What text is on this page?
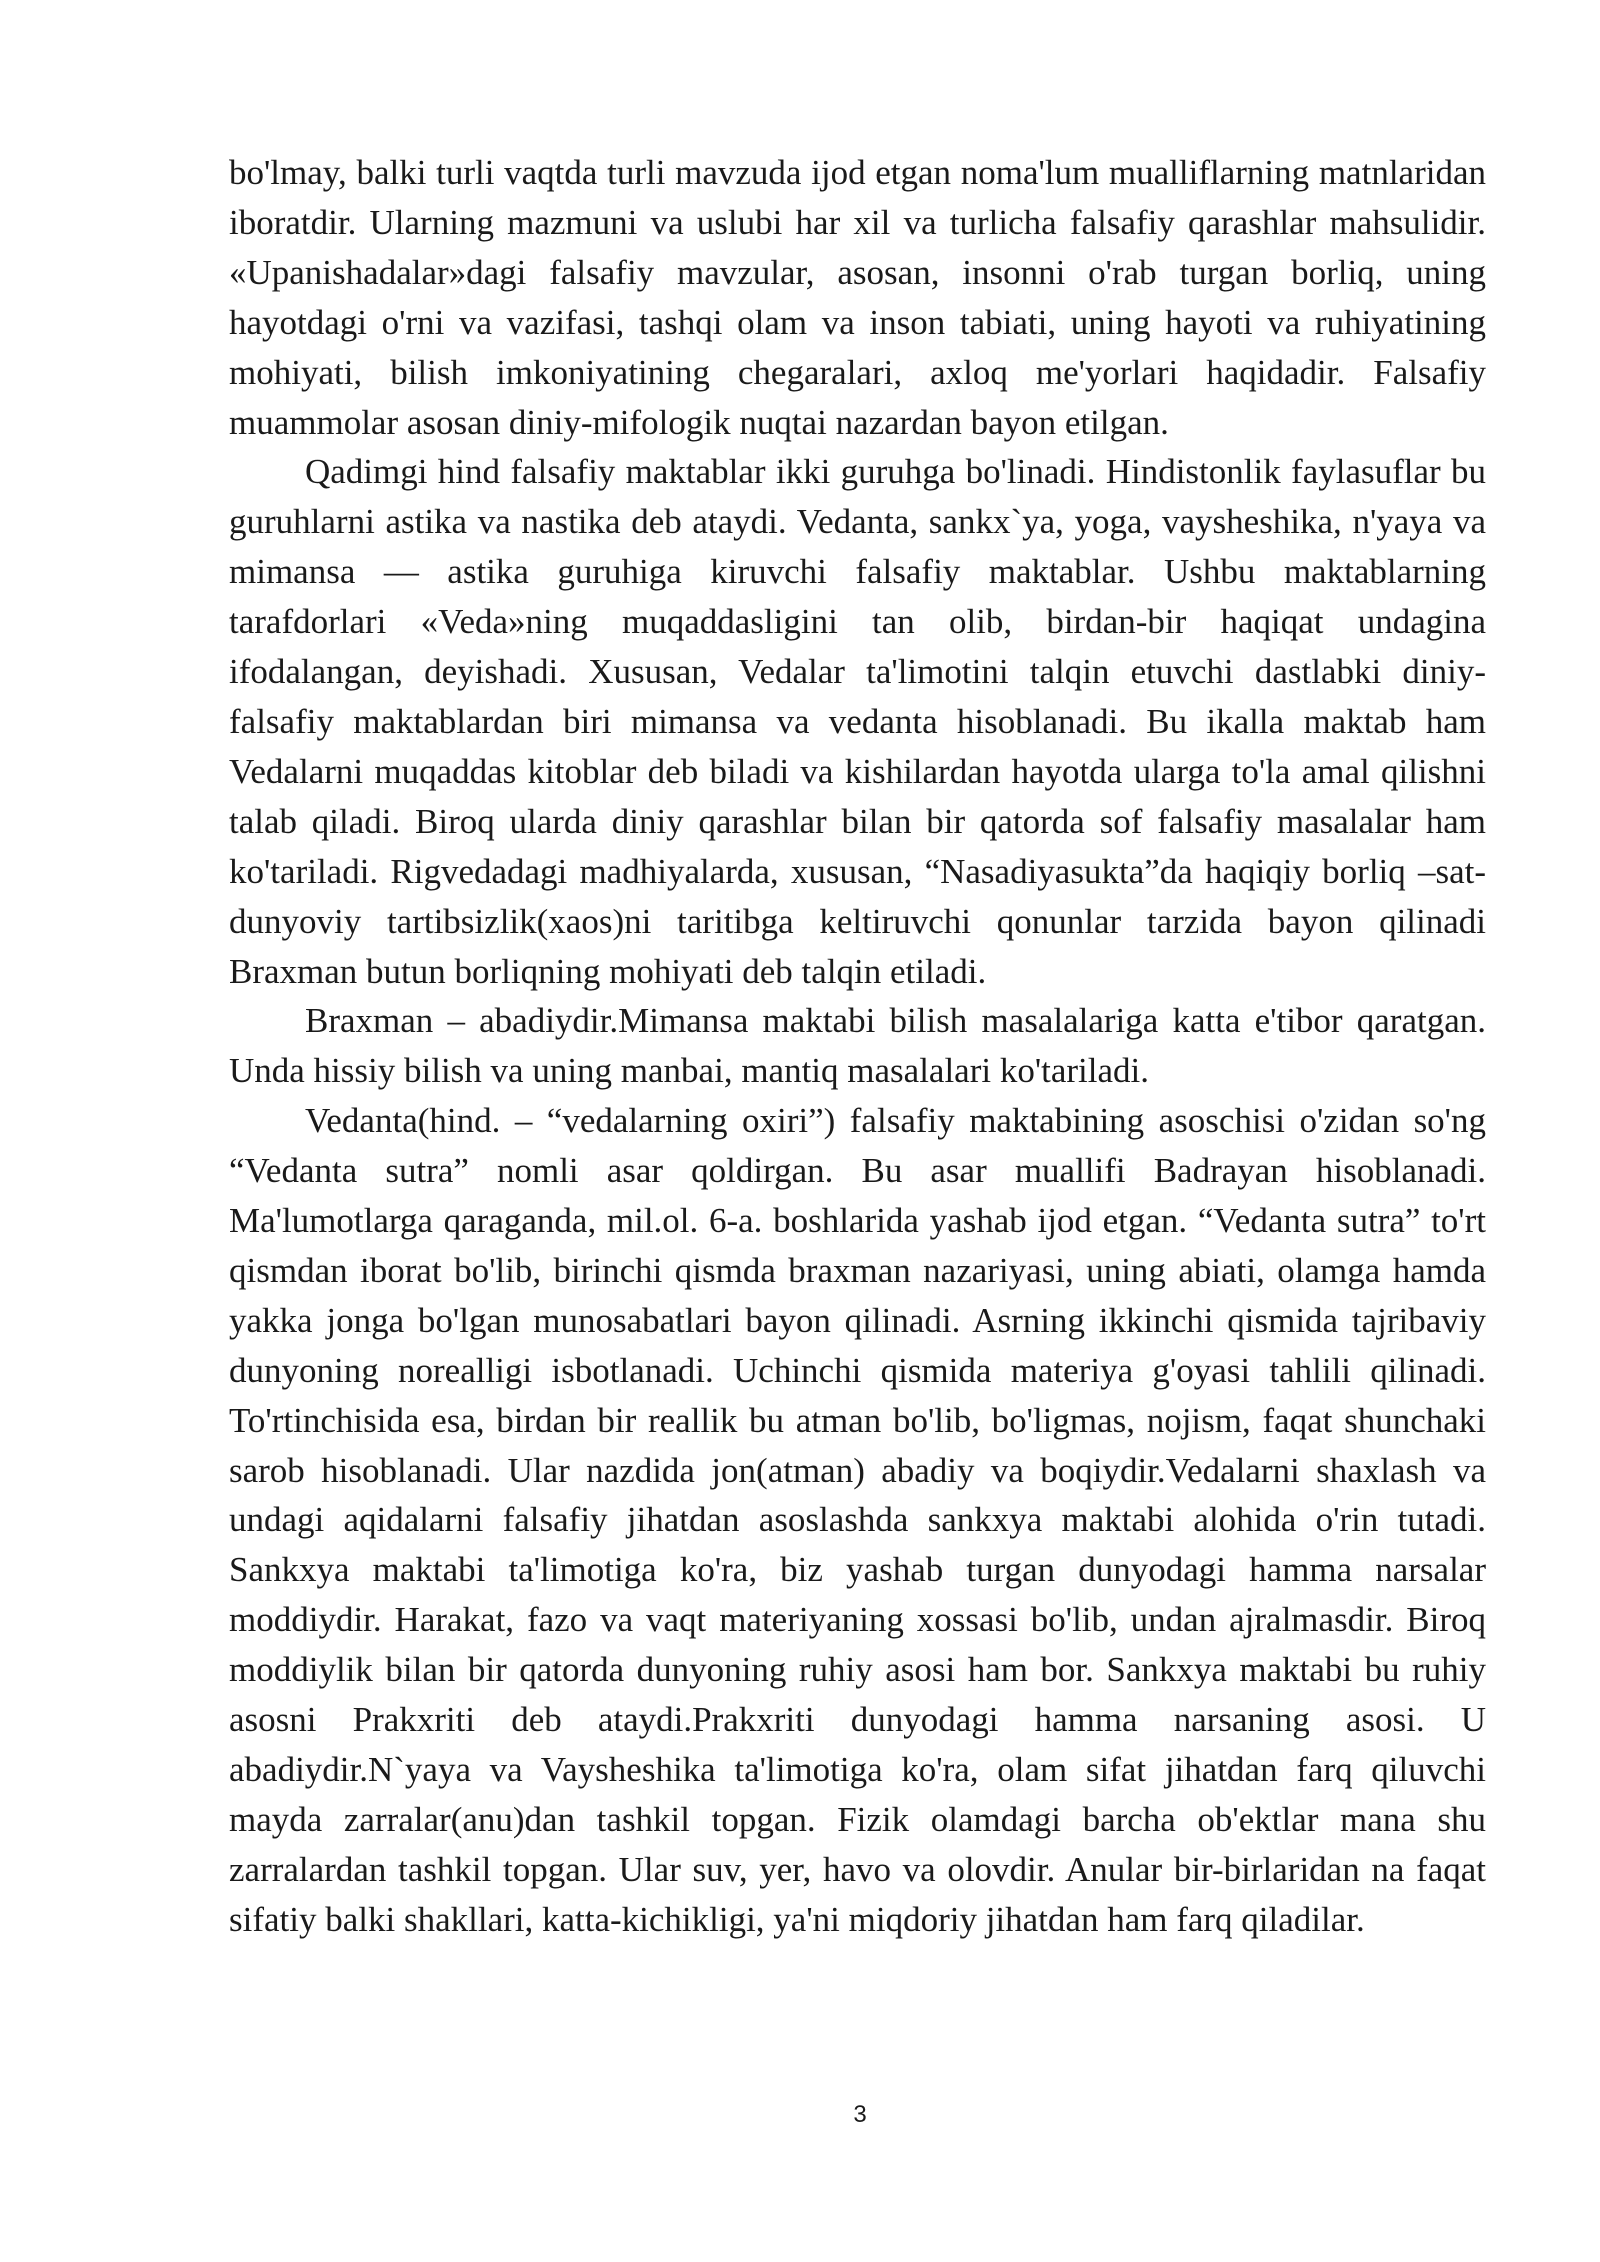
bo'lmay, balki turli vaqtda turli mavzuda ijod etgan noma'lum mualliflarning matnlaridan iboratdir. Ularning mazmuni va uslubi har xil va turlicha falsafiy qarashlar mahsulidir. «Upanishadalar»dagi falsafiy mavzular, asosan, insonni o'rab turgan borliq, uning hayotdagi o'rni va vazifasi, tashqi olam va inson tabiati, uning hayoti va ruhiyatining mohiyati, bilish imkoniyatining chegaralari, axloq me'yorlari haqidadir. Falsafiy muammolar asosan diniy-mifologik nuqtai nazardan bayon etilgan.

Qadimgi hind falsafiy maktablar ikki guruhga bo'linadi. Hindistonlik faylasuflar bu guruhlarni astika va nastika deb ataydi. Vedanta, sankx`ya, yoga, vaysheshika, n'yaya va mimansa — astika guruhiga kiruvchi falsafiy maktablar. Ushbu maktablarning tarafdorlari «Veda»ning muqaddasligini tan olib, birdan-bir haqiqat undagina ifodalangan, deyishadi. Xususan, Vedalar ta'limotini talqin etuvchi dastlabki diniy-falsafiy maktablardan biri mimansa va vedanta hisoblanadi. Bu ikalla maktab ham Vedalarni muqaddas kitoblar deb biladi va kishilardan hayotda ularga to'la amal qilishni talab qiladi. Biroq ularda diniy qarashlar bilan bir qatorda sof falsafiy masalalar ham ko'tariladi. Rigvedadagi madhiyalarda, xususan, “Nasadiyasukta”da haqiqiy borliq –sat-dunyoviy tartibsizlik(xaos)ni taritibga keltiruvchi qonunlar tarzida bayon qilinadi Braxman butun borliqning mohiyati deb talqin etiladi.

Braxman – abadiydir.Mimansa maktabi bilish masalalariga katta e'tibor qaratgan. Unda hissiy bilish va uning manbai, mantiq masalalari ko'tariladi.

Vedanta(hind. – “vedalarning oxiri”) falsafiy maktabining asoschisi o'zidan so'ng “Vedanta sutra” nomli asar qoldirgan. Bu asar muallifi Badrayan hisoblanadi. Ma'lumotlarga qaraganda, mil.ol. 6-a. boshlarida yashab ijod etgan. “Vedanta sutra” to'rt qismdan iborat bo'lib, birinchi qismda braxman nazariyasi, uning abiati, olamga hamda yakka jonga bo'lgan munosabatlari bayon qilinadi. Asrning ikkinchi qismida tajribaviy dunyoning norealligi isbotlanadi. Uchinchi qismida materiya g'oyasi tahlili qilinadi. To'rtinchisida esa, birdan bir reallik bu atman bo'lib, bo'ligmas, nojism, faqat shunchaki sarob hisoblanadi. Ular nazdida jon(atman) abadiy va boqiydir.Vedalarni shaxlash va undagi aqidalarni falsafiy jihatdan asoslashda sankxya maktabi alohida o'rin tutadi. Sankxya maktabi ta'limotiga ko'ra, biz yashab turgan dunyodagi hamma narsalar moddiydir. Harakat, fazo va vaqt materiyaning xossasi bo'lib, undan ajralmasdir. Biroq moddiylik bilan bir qatorda dunyoning ruhiy asosi ham bor. Sankxya maktabi bu ruhiy asosni Prakxriti deb ataydi.Prakxriti dunyodagi hamma narsaning asosi. U abadiydir.N`yaya va Vaysheshika ta'limotiga ko'ra, olam sifat jihatdan farq qiluvchi mayda zarralar(anu)dan tashkil topgan. Fizik olamdagi barcha ob'ektlar mana shu zarralardan tashkil topgan. Ular suv, yer, havo va olovdir. Anular bir-birlaridan na faqat sifatiy balki shakllari, katta-kichikligi, ya'ni miqdoriy jihatdan ham farq qiladilar.

3
